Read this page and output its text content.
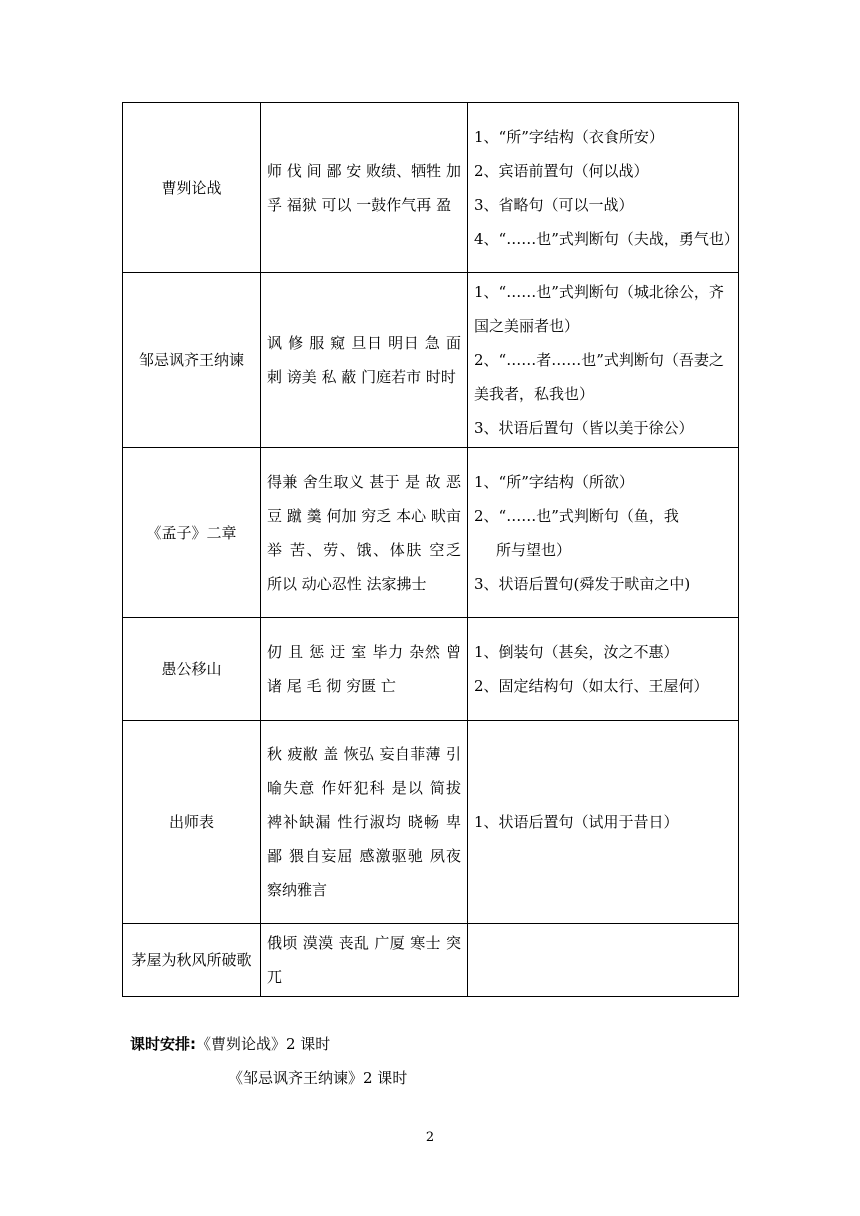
曹刿论战	师 伐 间 鄙 安 败绩、牺牲 加 孚 福狱 可以 一鼓作气再 盈	1、“所”字结构（衣食所安）
2、宾语前置句（何以战）
3、省略句（可以一战）
4、“……也”式判断句（夫战，勇气也）

邹忌讽齐王纳谏	讽 修 服 窥 旦日 明日 急 面刺 谤美 私 蔽 门庭若市 时时	1、“……也”式判断句（城北徐公，齐国之美丽者也）
2、“……者……也”式判断句（吾妻之美我者，私我也）
3、状语后置句（皆以美于徐公）

《孟子》二章	得兼 舍生取义 甚于 是 故 恶 豆 蹴 羹 何加 穷乏 本心 畎亩 举 苦、劳、饿、体肤 空乏 所以 动心忍性 法家拂士	1、“所”字结构（所欲）
2、“……也”式判断句（鱼，我
所与望也）
3、状语后置句(舜发于畎亩之中)

愚公移山	仞 且 惩 迂 室 毕力 杂然 曾 诸 尾 毛 彻 穷匮 亡	1、倒装句（甚矣，汝之不惠）
2、固定结构句（如太行、王屋何）

出师表	秋 疲敝 盖 恢弘 妄自菲薄 引喻失意 作奸犯科 是以 简拔 裨补缺漏 性行淑均 晓畅 卑鄙 猥自妄屈 感激驱驰 夙夜 察纳雅言	1、状语后置句（试用于昔日）

茅屋为秋风所破歌	俄顷 漠漠 丧乱 广厦 寒士 突兀	
课时安排:《曹刿论战》2 课时
《邹忌讽齐王纳谏》2 课时
2
